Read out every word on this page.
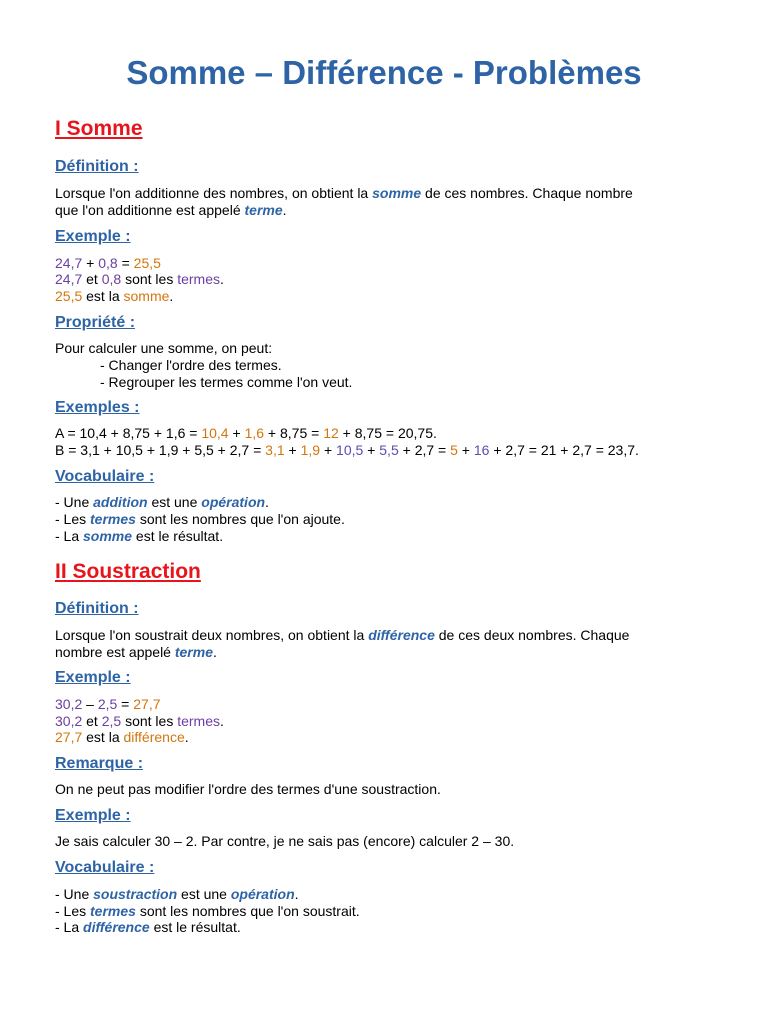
Somme – Différence - Problèmes
I Somme
Définition :

Lorsque l'on additionne des nombres, on obtient la somme de ces nombres. Chaque nombre

que l'on additionne est appelé terme.

Exemple :

24,7 + 0,8 = 25,5

24,7 et 0,8 sont les termes.

25,5 est la somme.

Propriété :

Pour calculer une somme, on peut:

- Changer l'ordre des termes.

- Regrouper les termes comme l'on veut.

Exemples :

A = 10,4 + 8,75 + 1,6 = 10,4 + 1,6 + 8,75 = 12 + 8,75 = 20,75.

B = 3,1 + 10,5 + 1,9 + 5,5 + 2,7 = 3,1 + 1,9 + 10,5 + 5,5 + 2,7 = 5 + 16 + 2,7 = 21 + 2,7 = 23,7.

Vocabulaire :

- Une addition est une opération.

- Les termes sont les nombres que l'on ajoute.

- La somme est le résultat.

II Soustraction
Définition :

Lorsque l'on soustrait deux nombres, on obtient la différence de ces deux nombres. Chaque

nombre est appelé terme.

Exemple :

30,2 – 2,5 = 27,7

30,2 et 2,5 sont les termes.

27,7 est la différence.

Remarque :

On ne peut pas modifier l'ordre des termes d'une soustraction.

Exemple :

Je sais calculer 30 – 2. Par contre, je ne sais pas (encore) calculer 2 – 30.

Vocabulaire :

- Une soustraction est une opération.

- Les termes sont les nombres que l'on soustrait.

- La différence est le résultat.
